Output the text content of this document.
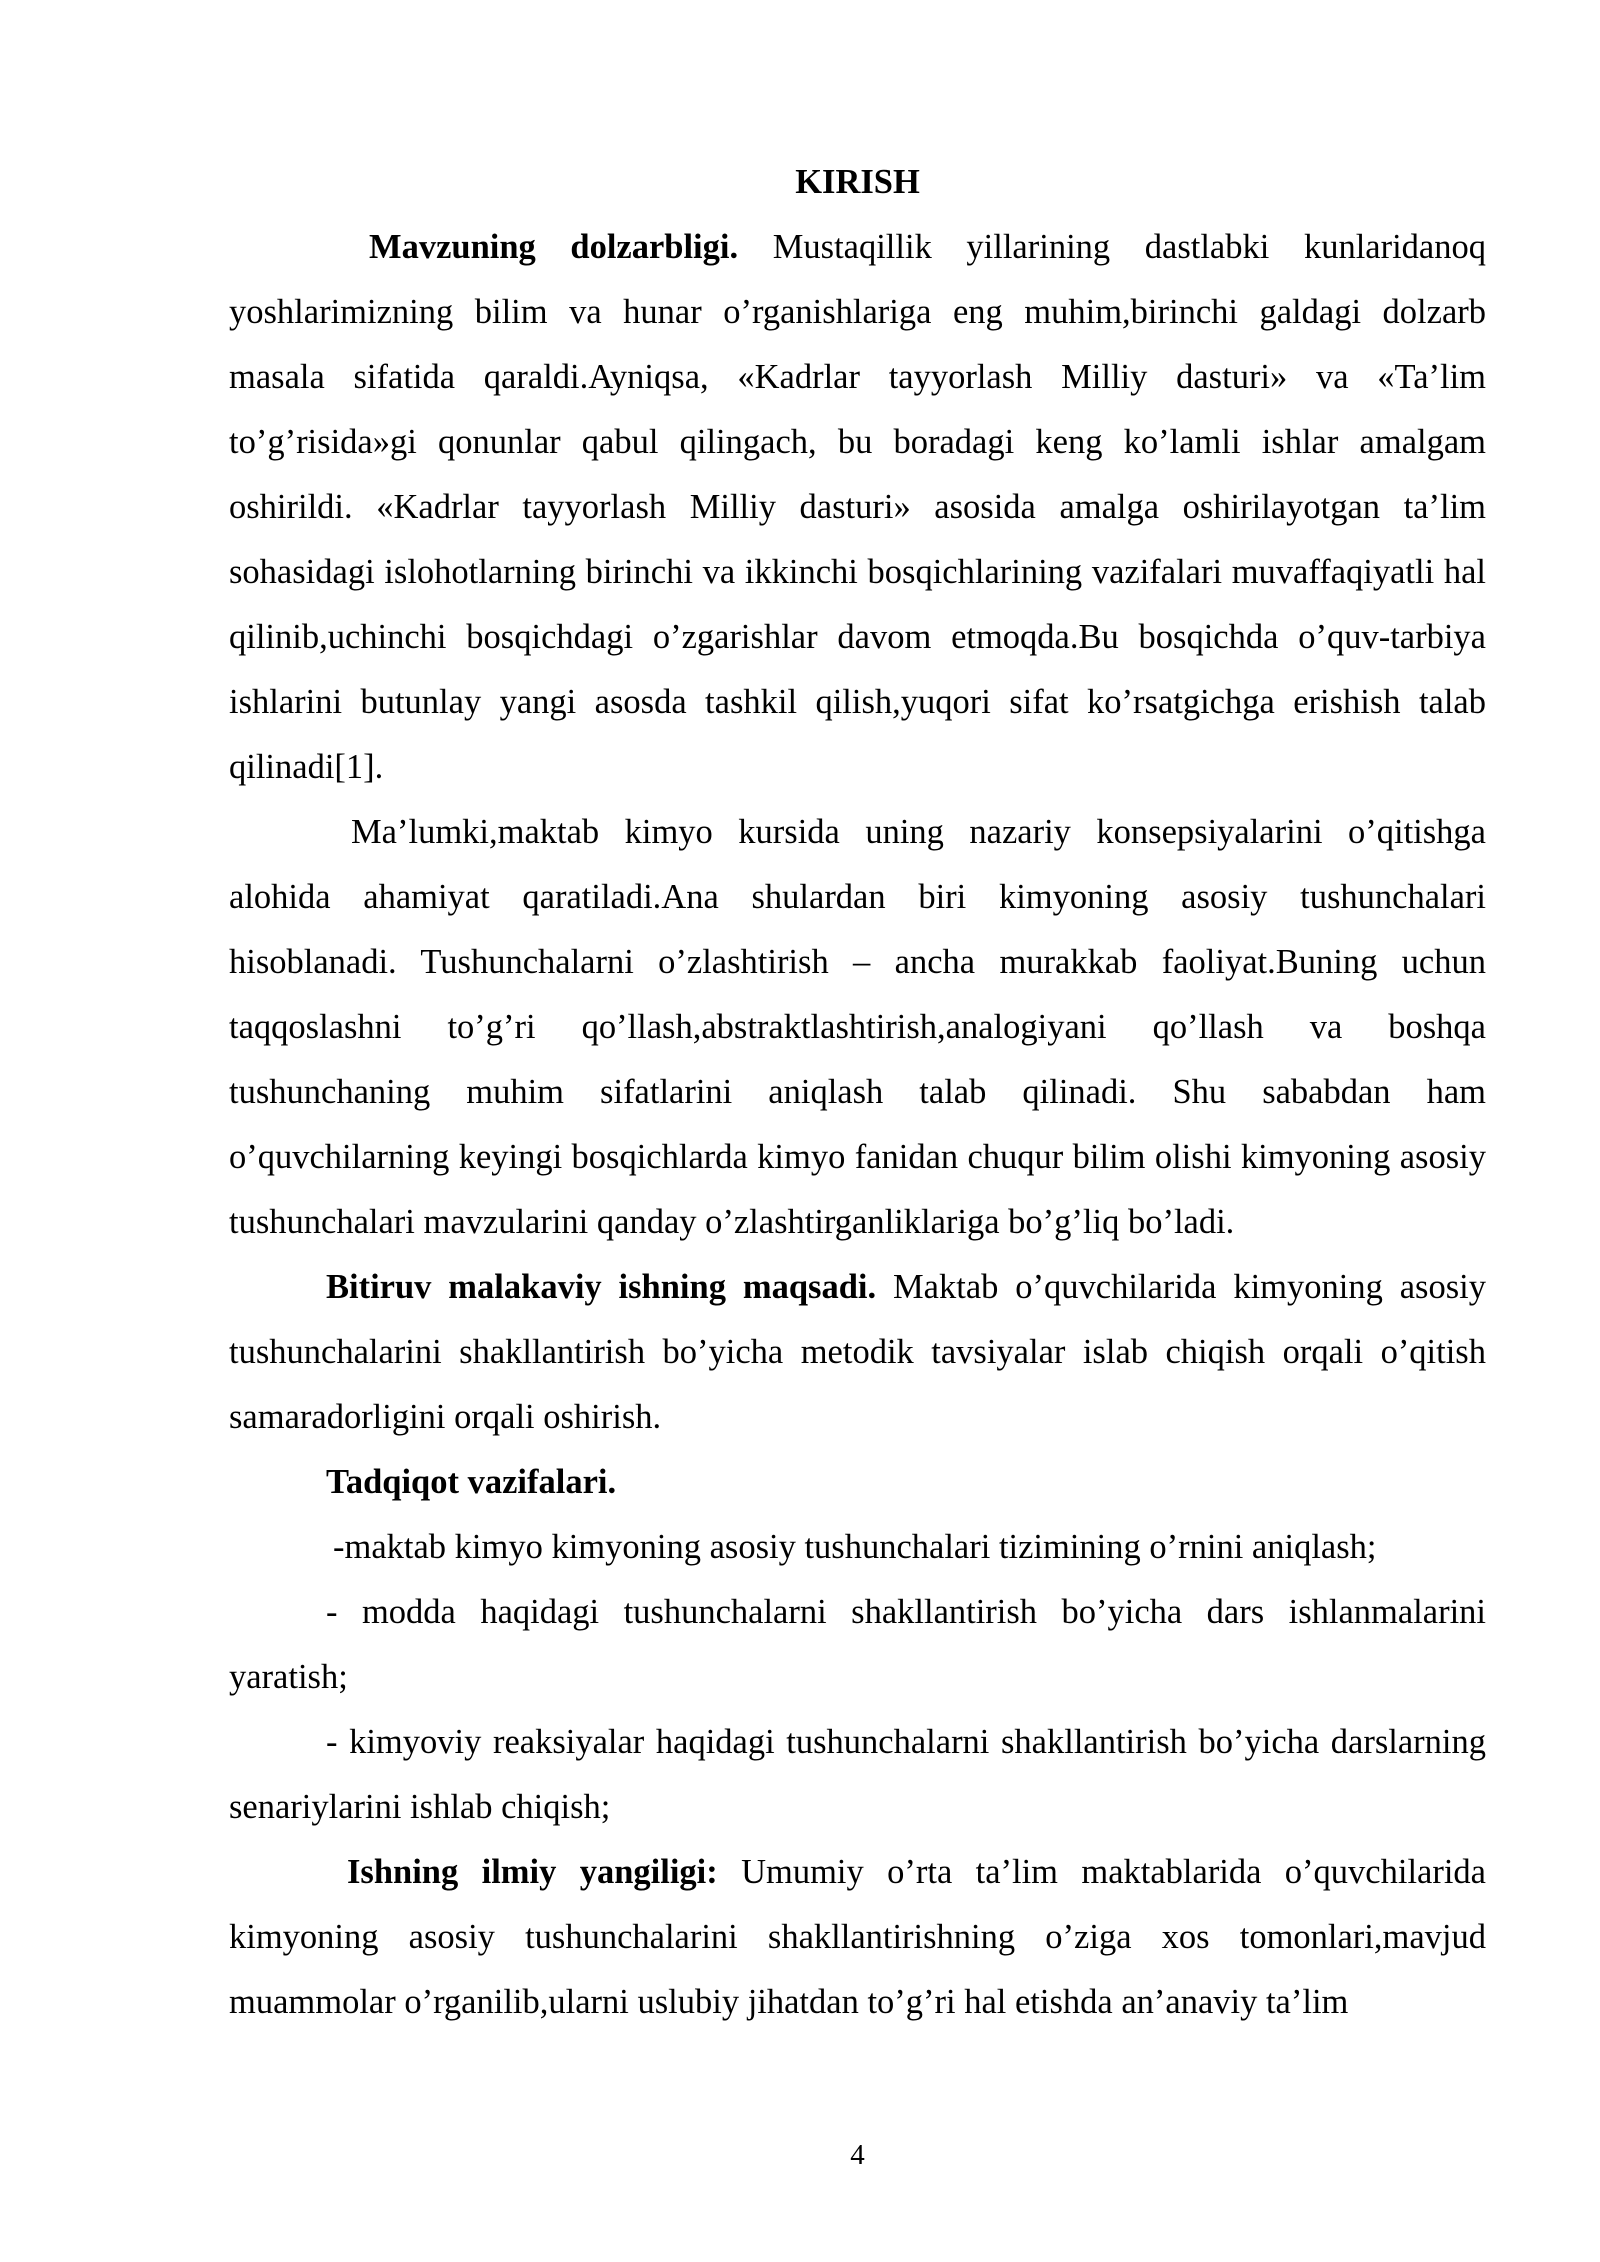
KIRISH

Mavzuning dolzarbligi. Mustaqillik yillarining dastlabki kunlaridanoq yoshlarimizning bilim va hunar o’rganishlariga eng muhim,birinchi galdagi dolzarb masala sifatida qaraldi.Ayniqsa, «Kadrlar tayyorlash Milliy dasturi» va «Ta’lim to’g’risida»gi qonunlar qabul qilingach, bu boradagi keng ko’lamli ishlar amalgam oshirildi. «Kadrlar tayyorlash Milliy dasturi» asosida amalga oshirilayotgan ta’lim sohasidagi islohotlarning birinchi va ikkinchi bosqichlarining vazifalari muvaffaqiyatli hal qilinib,uchinchi bosqichdagi o’zgarishlar davom etmoqda.Bu bosqichda o’quv-tarbiya ishlarini butunlay yangi asosda tashkil qilish,yuqori sifat ko’rsatgichga erishish talab qilinadi[1].

Ma’lumki,maktab kimyo kursida uning nazariy konsepsiyalarini o’qitishga alohida ahamiyat qaratiladi.Ana shulardan biri kimyoning asosiy tushunchalari hisoblanadi. Tushunchalarni o’zlashtirish – ancha murakkab faoliyat.Buning uchun taqqoslashni to’g’ri qo’llash,abstraktlashtirish,analogiyani qo’llash va boshqa tushunchaning muhim sifatlarini aniqlash talab qilinadi. Shu sababdan ham o’quvchilarning keyingi bosqichlarda kimyo fanidan chuqur bilim olishi kimyoning asosiy tushunchalari mavzularini qanday o’zlashtirganliklariga bo’g’liq bo’ladi.

Bitiruv malakaviy ishning maqsadi. Maktab o’quvchilarida kimyoning asosiy tushunchalarini shakllantirish bo’yicha metodik tavsiyalar islab chiqish orqali o’qitish samaradorligini orqali oshirish.

Tadqiqot vazifalari.

-maktab kimyo kimyoning asosiy tushunchalari tizimining o’rnini aniqlash;

- modda haqidagi tushunchalarni shakllantirish bo’yicha dars ishlanmalarini yaratish;

- kimyoviy reaksiyalar haqidagi tushunchalarni shakllantirish bo’yicha darslarning senariylarini ishlab chiqish;

Ishning ilmiy yangiligi: Umumiy o’rta ta’lim maktablarida o’quvchilarida kimyoning asosiy tushunchalarini shakllantirishning o’ziga xos tomonlari,mavjud muammolar o’rganilib,ularni uslubiy jihatdan to’g’ri hal etishda an’anaviy ta’lim

4
